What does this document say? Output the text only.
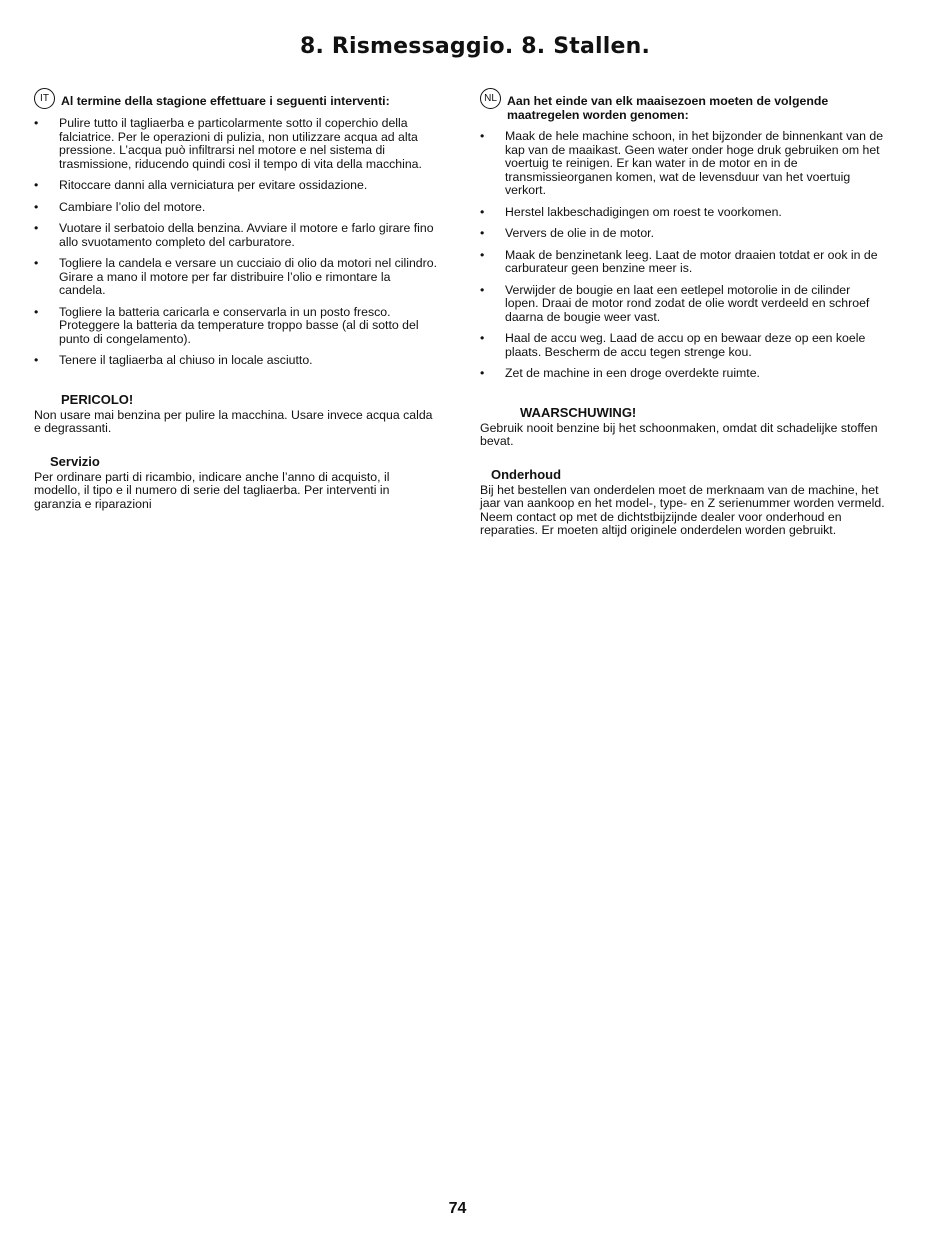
8. Rismessaggio. 8. Stallen.
IT Al termine della stagione effettuare i seguenti interventi:
• Pulire tutto il tagliaerba e particolarmente sotto il coperchio della falciatrice. Per le operazioni di pulizia, non utilizzare acqua ad alta pressione. L’acqua può infiltrarsi nel motore e nel sistema di trasmissione, riducendo quindi così il tempo di vita della macchina.
• Ritoccare danni alla verniciatura per evitare ossidazione.
• Cambiare l’olio del motore.
• Vuotare il serbatoio della benzina. Avviare il motore e farlo girare fino allo svuotamento completo del carburatore.
• Togliere la candela e versare un cucciaio di olio da motori nel cilindro. Girare a mano il motore per far distribuire l’olio e rimontare la candela.
• Togliere la batteria caricarla e conservarla in un posto fresco. Proteggere la batteria da temperature troppo basse (al di sotto del punto di congelamento).
• Tenere il tagliaerba al chiuso in locale asciutto.
PERICOLO!

Non usare mai benzina per pulire la macchina. Usare invece acqua calda e degrassanti.

Servizio

Per ordinare parti di ricambio, indicare anche l’anno di acquisto, il modello, il tipo e il numero di serie del tagliaerba. Per interventi in garanzia e riparazioni

NL Aan het einde van elk maaisezoen moeten de volgende maatregelen worden genomen:
• Maak de hele machine schoon, in het bijzonder de binnenkant van de kap van de maaikast. Geen water onder hoge druk gebruiken om het voertuig te reinigen. Er kan water in de motor en in de transmissieorganen komen, wat de levensduur van het voertuig verkort.
• Herstel lakbeschadigingen om roest te voorkomen.
• Ververs de olie in de motor.
• Maak de benzinetank leeg. Laat de motor draaien totdat er ook in de carburateur geen benzine meer is.
• Verwijder de bougie en laat een eetlepel motorolie in de cilinder lopen. Draai de motor rond zodat de olie wordt verdeeld en schroef daarna de bougie weer vast.
• Haal de accu weg. Laad de accu op en bewaar deze op een koele plaats. Bescherm de accu tegen strenge kou.
• Zet de machine in een droge overdekte ruimte.
WAARSCHUWING!

Gebruik nooit benzine bij het schoonmaken, omdat dit schadelijke stoffen bevat.

Onderhoud

Bij het bestellen van onderdelen moet de merknaam van de machine, het jaar van aankoop en het model-, type- en Z serienummer worden vermeld. Neem contact op met de dichtstbijzijnde dealer voor onderhoud en reparaties. Er moeten altijd originele onderdelen worden gebruikt.

74
